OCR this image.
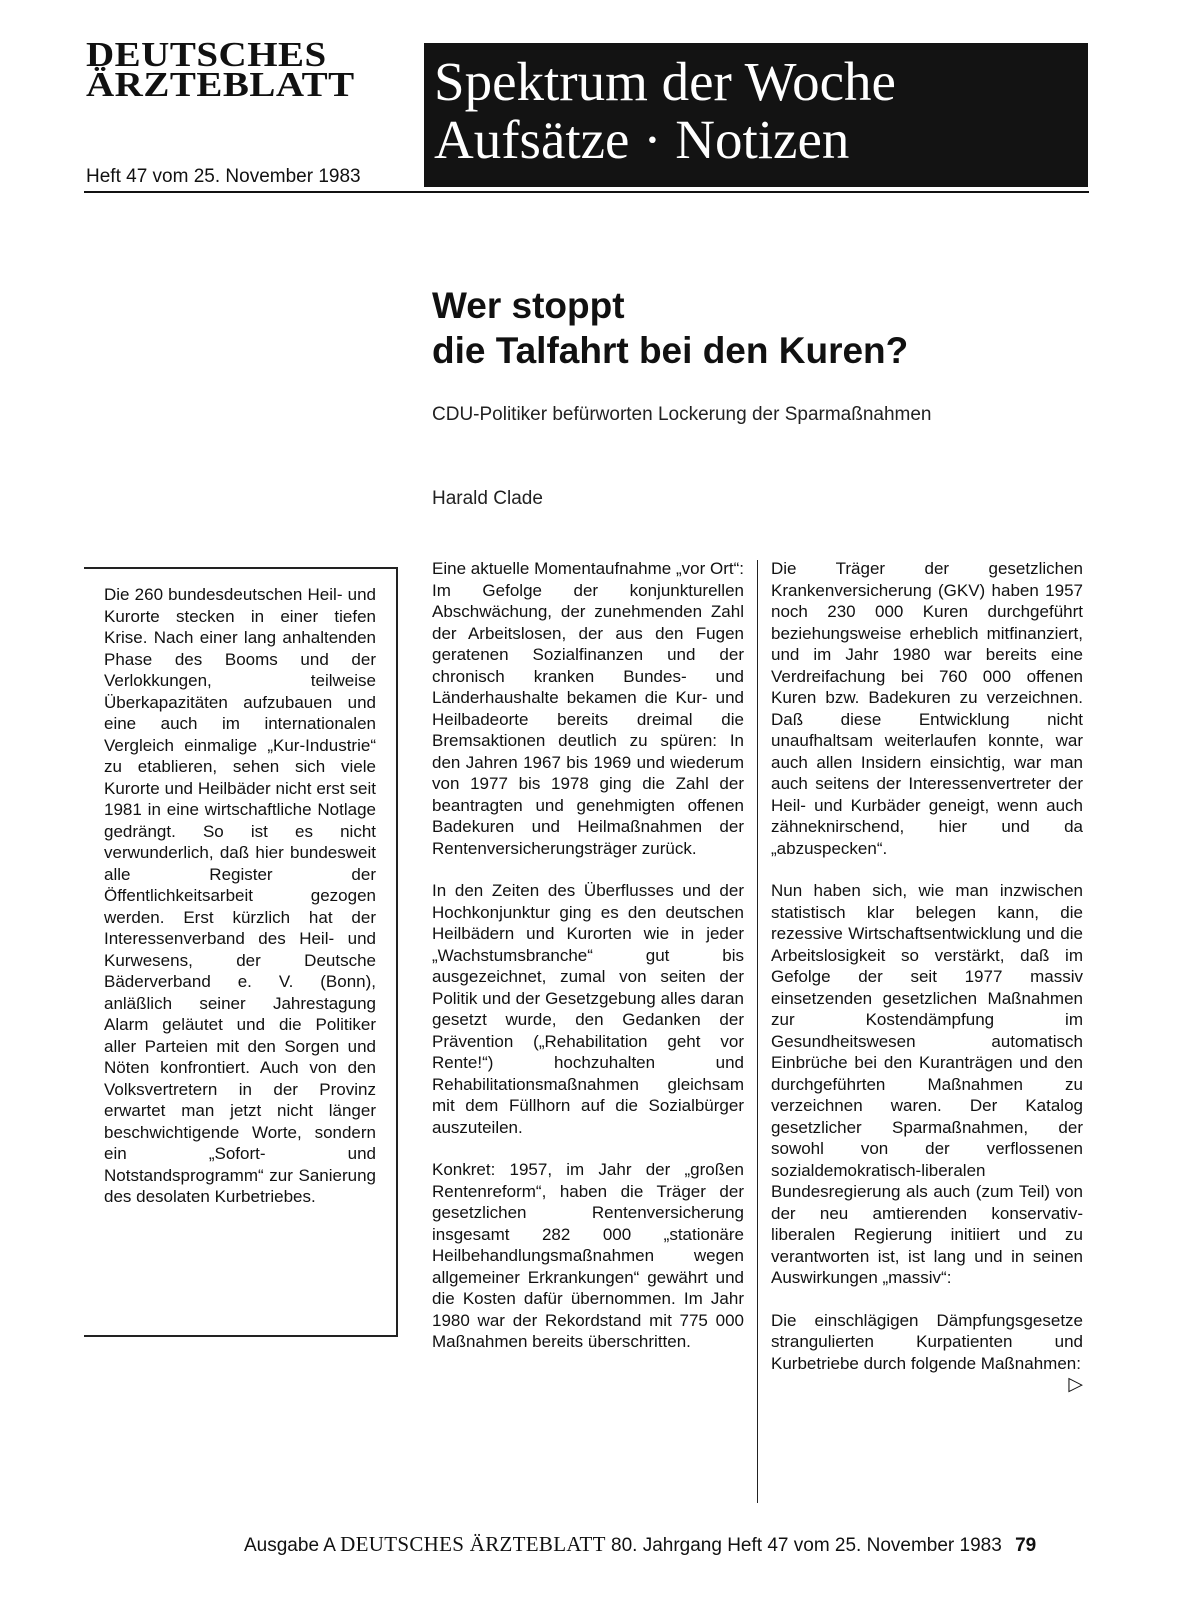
DEUTSCHES
ÄRZTEBLATT
Heft 47 vom 25. November 1983
Spektrum der Woche
Aufsätze · Notizen
Wer stoppt
die Talfahrt bei den Kuren?
CDU-Politiker befürworten Lockerung der Sparmaßnahmen
Harald Clade
Die 260 bundesdeutschen Heil- und Kurorte stecken in einer tiefen Krise. Nach einer lang anhaltenden Phase des Booms und der Verlokkungen, teilweise Überkapazitäten aufzubauen und eine auch im internationalen Vergleich einmalige „Kur-Industrie“ zu etablieren, sehen sich viele Kurorte und Heilbäder nicht erst seit 1981 in eine wirtschaftliche Notlage gedrängt. So ist es nicht verwunderlich, daß hier bundesweit alle Register der Öffentlichkeitsarbeit gezogen werden. Erst kürzlich hat der Interessenverband des Heil- und Kurwesens, der Deutsche Bäderverband e. V. (Bonn), anläßlich seiner Jahrestagung Alarm geläutet und die Politiker aller Parteien mit den Sorgen und Nöten konfrontiert. Auch von den Volksvertretern in der Provinz erwartet man jetzt nicht länger beschwichtigende Worte, sondern ein „Sofort- und Notstandsprogramm“ zur Sanierung des desolaten Kurbetriebes.

Eine aktuelle Momentaufnahme „vor Ort“: Im Gefolge der konjunkturellen Abschwächung, der zunehmenden Zahl der Arbeitslosen, der aus den Fugen geratenen Sozialfinanzen und der chronisch kranken Bundes- und Länderhaushalte bekamen die Kur- und Heilbadeorte bereits dreimal die Bremsaktionen deutlich zu spüren: In den Jahren 1967 bis 1969 und wiederum von 1977 bis 1978 ging die Zahl der beantragten und genehmigten offenen Badekuren und Heilmaßnahmen der Rentenversicherungsträger zurück.

In den Zeiten des Überflusses und der Hochkonjunktur ging es den deutschen Heilbädern und Kurorten wie in jeder „Wachstumsbranche“ gut bis ausgezeichnet, zumal von seiten der Politik und der Gesetzgebung alles daran gesetzt wurde, den Gedanken der Prävention („Rehabilitation geht vor Rente!“) hochzuhalten und Rehabilitationsmaßnahmen gleichsam mit dem Füllhorn auf die Sozialbürger auszuteilen.

Konkret: 1957, im Jahr der „großen Rentenreform“, haben die Träger der gesetzlichen Rentenversicherung insgesamt 282 000 „stationäre Heilbehandlungsmaßnahmen wegen allgemeiner Erkrankungen“ gewährt und die Kosten dafür übernommen. Im Jahr 1980 war der Rekordstand mit 775 000 Maßnahmen bereits überschritten.

Die Träger der gesetzlichen Krankenversicherung (GKV) haben 1957 noch 230 000 Kuren durchgeführt beziehungsweise erheblich mitfinanziert, und im Jahr 1980 war bereits eine Verdreifachung bei 760 000 offenen Kuren bzw. Badekuren zu verzeichnen. Daß diese Entwicklung nicht unaufhaltsam weiterlaufen konnte, war auch allen Insidern einsichtig, war man auch seitens der Interessenvertreter der Heil- und Kurbäder geneigt, wenn auch zähneknirschend, hier und da „abzuspecken“.

Nun haben sich, wie man inzwischen statistisch klar belegen kann, die rezessive Wirtschaftsentwicklung und die Arbeitslosigkeit so verstärkt, daß im Gefolge der seit 1977 massiv einsetzenden gesetzlichen Maßnahmen zur Kostendämpfung im Gesundheitswesen automatisch Einbrüche bei den Kuranträgen und den durchgeführten Maßnahmen zu verzeichnen waren. Der Katalog gesetzlicher Sparmaßnahmen, der sowohl von der verflossenen sozialdemokratisch-liberalen Bundesregierung als auch (zum Teil) von der neu amtierenden konservativ-liberalen Regierung initiiert und zu verantworten ist, ist lang und in seinen Auswirkungen „massiv“:

Die einschlägigen Dämpfungsgesetze strangulierten Kurpatienten und Kurbetriebe durch folgende Maßnahmen:
▷

Ausgabe A DEUTSCHES ÄRZTEBLATT 80. Jahrgang Heft 47 vom 25. November 1983 79
